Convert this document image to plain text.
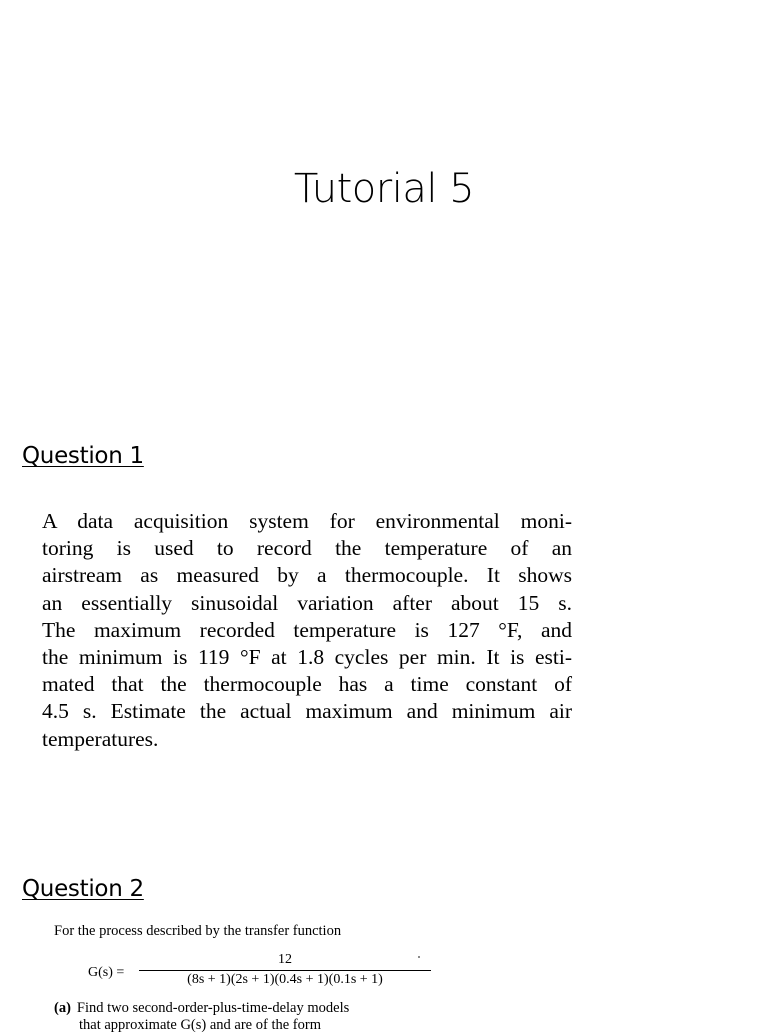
Tutorial 5
Question 1
A data acquisition system for environmental moni-
toring is used to record the temperature of an
airstream as measured by a thermocouple. It shows
an essentially sinusoidal variation after about 15 s.
The maximum recorded temperature is 127 °F, and
the minimum is 119 °F at 1.8 cycles per min. It is esti-
mated that the thermocouple has a time constant of
4.5 s. Estimate the actual maximum and minimum air
temperatures.
Question 2
For the process described by the transfer function
G(s) =
12
(8s + 1)(2s + 1)(0.4s + 1)(0.1s + 1)
(a) Find two second-order-plus-time-delay models
that approximate G(s) and are of the form
